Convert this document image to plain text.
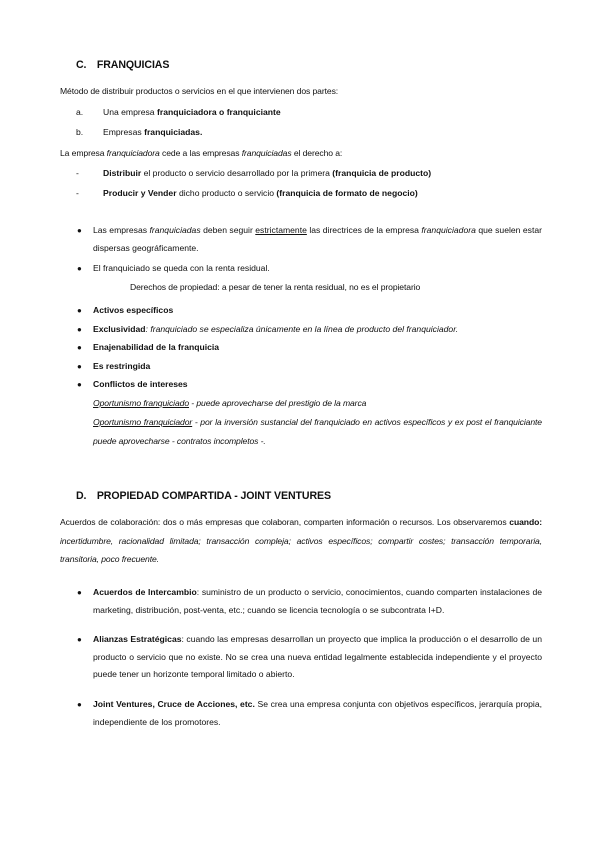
C. FRANQUICIAS
Método de distribuir productos o servicios en el que intervienen dos partes:
a. Una empresa franquiciadora o franquiciante
b. Empresas franquiciadas.
La empresa franquiciadora cede a las empresas franquiciadas el derecho a:
-	Distribuir el producto o servicio desarrollado por la primera (franquicia de producto)
-	Producir y Vender dicho producto o servicio (franquicia de formato de negocio)
● Las empresas franquiciadas deben seguir estrictamente las directrices de la empresa franquiciadora que suelen estar dispersas geográficamente.
● El franquiciado se queda con la renta residual.
Derechos de propiedad: a pesar de tener la renta residual, no es el propietario
● Activos específicos
● Exclusividad: franquiciado se especializa únicamente en la línea de producto del franquiciador.
● Enajenabilidad de la franquicia
● Es restringida
● Conflictos de intereses
Oportunismo franquiciado - puede aprovecharse del prestigio de la marca
Oportunismo franquiciador - por la inversión sustancial del franquiciado en activos específicos y ex post el franquiciante puede aprovecharse - contratos incompletos -.
D. PROPIEDAD COMPARTIDA - JOINT VENTURES
Acuerdos de colaboración: dos o más empresas que colaboran, comparten información o recursos. Los observaremos cuando: incertidumbre, racionalidad limitada; transacción compleja; activos específicos; compartir costes; transacción temporaria, transitoria, poco frecuente.
● Acuerdos de Intercambio: suministro de un producto o servicio, conocimientos, cuando comparten instalaciones de marketing, distribución, post-venta, etc.; cuando se licencia tecnología o se subcontrata I+D.
● Alianzas Estratégicas: cuando las empresas desarrollan un proyecto que implica la producción o el desarrollo de un producto o servicio que no existe. No se crea una nueva entidad legalmente establecida independiente y el proyecto puede tener un horizonte temporal limitado o abierto.
● Joint Ventures, Cruce de Acciones, etc. Se crea una empresa conjunta con objetivos específicos, jerarquía propia, independiente de los promotores.
